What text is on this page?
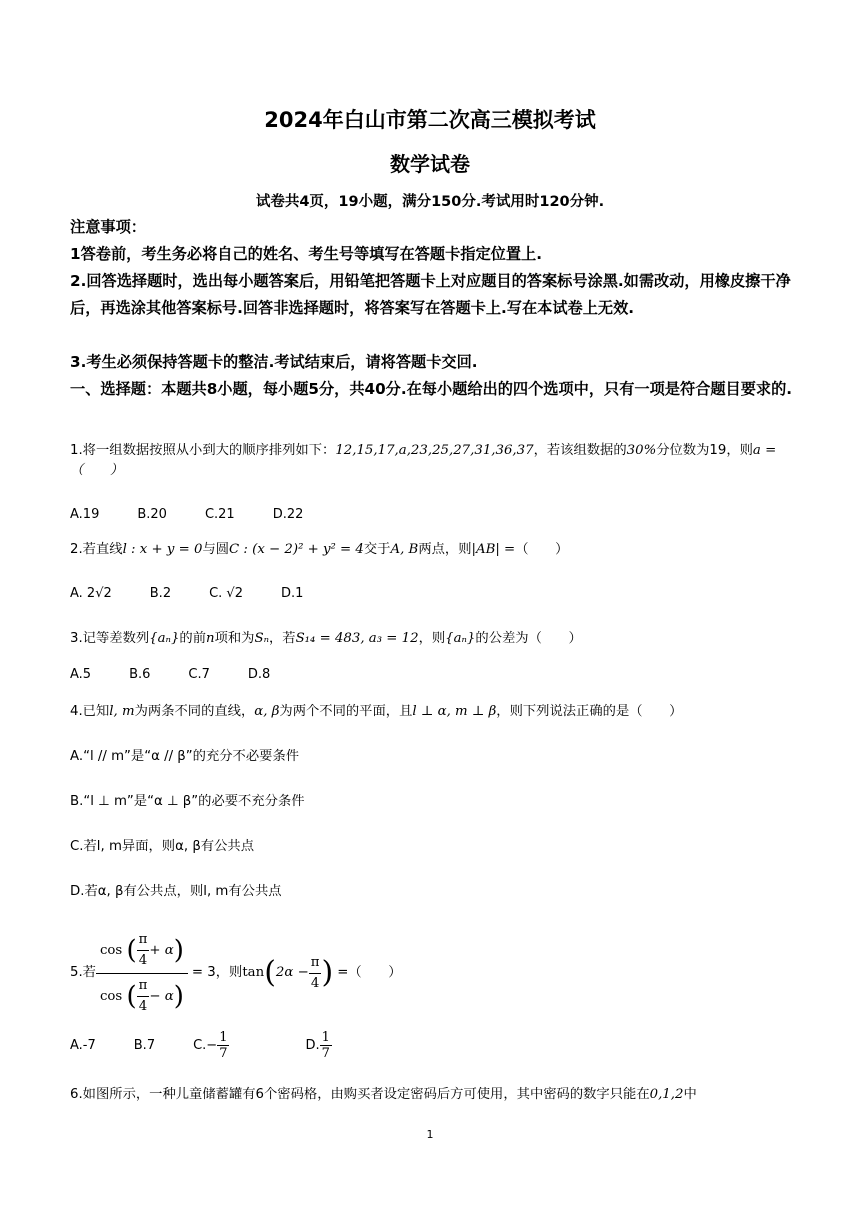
2024年白山市第二次高三模拟考试
数学试卷
试卷共4页，19小题，满分150分.考试用时120分钟.
注意事项：
1答卷前，考生务必将自己的姓名、考生号等填写在答题卡指定位置上.
2.回答选择题时，选出每小题答案后，用铅笔把答题卡上对应题目的答案标号涂黑.如需改动，用橡皮擦干净后，再选涂其他答案标号.回答非选择题时，将答案写在答题卡上.写在本试卷上无效.
3.考生必须保持答题卡的整洁.考试结束后，请将答题卡交回.
一、选择题：本题共8小题，每小题5分，共40分.在每小题给出的四个选项中，只有一项是符合题目要求的.
1.将一组数据按照从小到大的顺序排列如下：12,15,17,a,23,25,27,31,36,37，若该组数据的30%分位数为19，则a =（　　）
A.19	B.20	C.21	D.22
2.若直线l : x + y = 0与圆C : (x − 2)² + y² = 4交于A, B两点，则|AB| =（　　）
A. 2√2	B.2	C. √2	D.1
3.记等差数列{aₙ}的前n项和为Sₙ，若S₁₄ = 483, a₃ = 12，则{aₙ}的公差为（　　）
A.5	B.6	C.7	D.8
4.已知l, m为两条不同的直线，α, β为两个不同的平面，且l ⊥ α, m ⊥ β，则下列说法正确的是（　　）
A.“l // m”是“α // β”的充分不必要条件
B.“l ⊥ m”是“α ⊥ β”的必要不充分条件
C.若l, m异面，则α, β有公共点
D.若α, β有公共点，则l, m有公共点
5.若 $\frac{\cos ( \frac{\pi}{4} + \alpha)}{\cos ( \frac{\pi}{4} - \alpha)} = 3$，则 tan ( $2\alpha - \frac{\pi}{4}$ ) =（　　）
A.-7	B.7	$C.- \frac{1}{7}$	D. $\frac{1}{7}$
6.如图所示，一种儿童储蓄罐有6个密码格，由购买者设定密码后方可使用，其中密码的数字只能在0,1,2中
1
